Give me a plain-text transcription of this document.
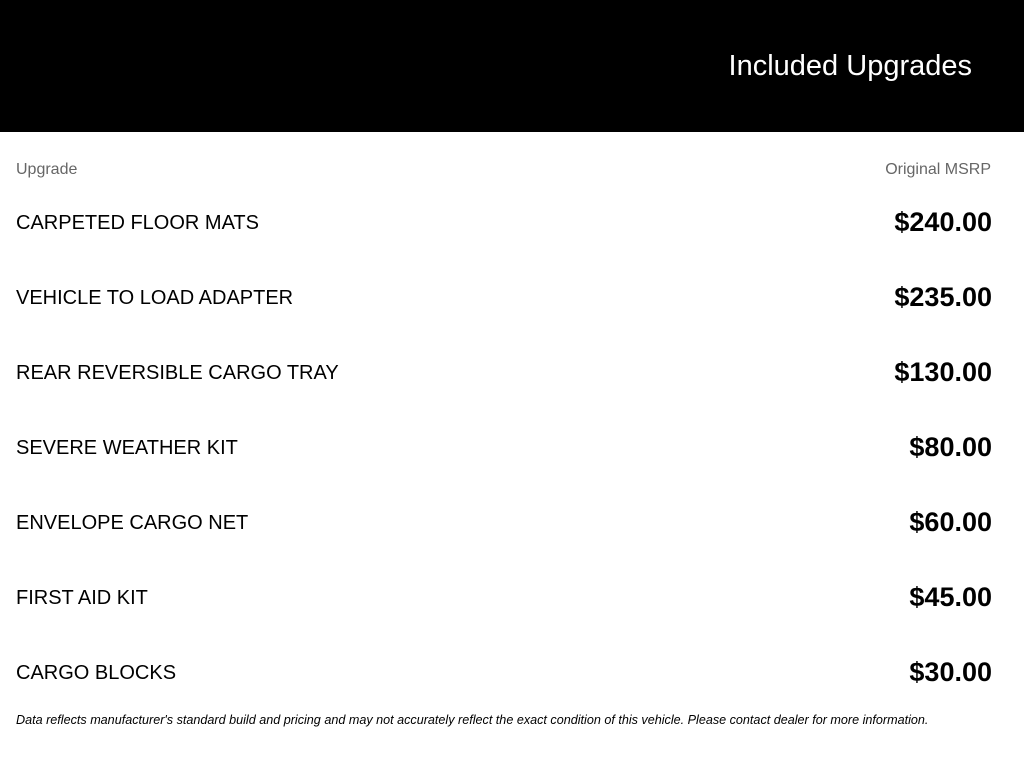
Included Upgrades
Upgrade	Original MSRP
CARPETED FLOOR MATS	$240.00
VEHICLE TO LOAD ADAPTER	$235.00
REAR REVERSIBLE CARGO TRAY	$130.00
SEVERE WEATHER KIT	$80.00
ENVELOPE CARGO NET	$60.00
FIRST AID KIT	$45.00
CARGO BLOCKS	$30.00
Data reflects manufacturer's standard build and pricing and may not accurately reflect the exact condition of this vehicle. Please contact dealer for more information.
